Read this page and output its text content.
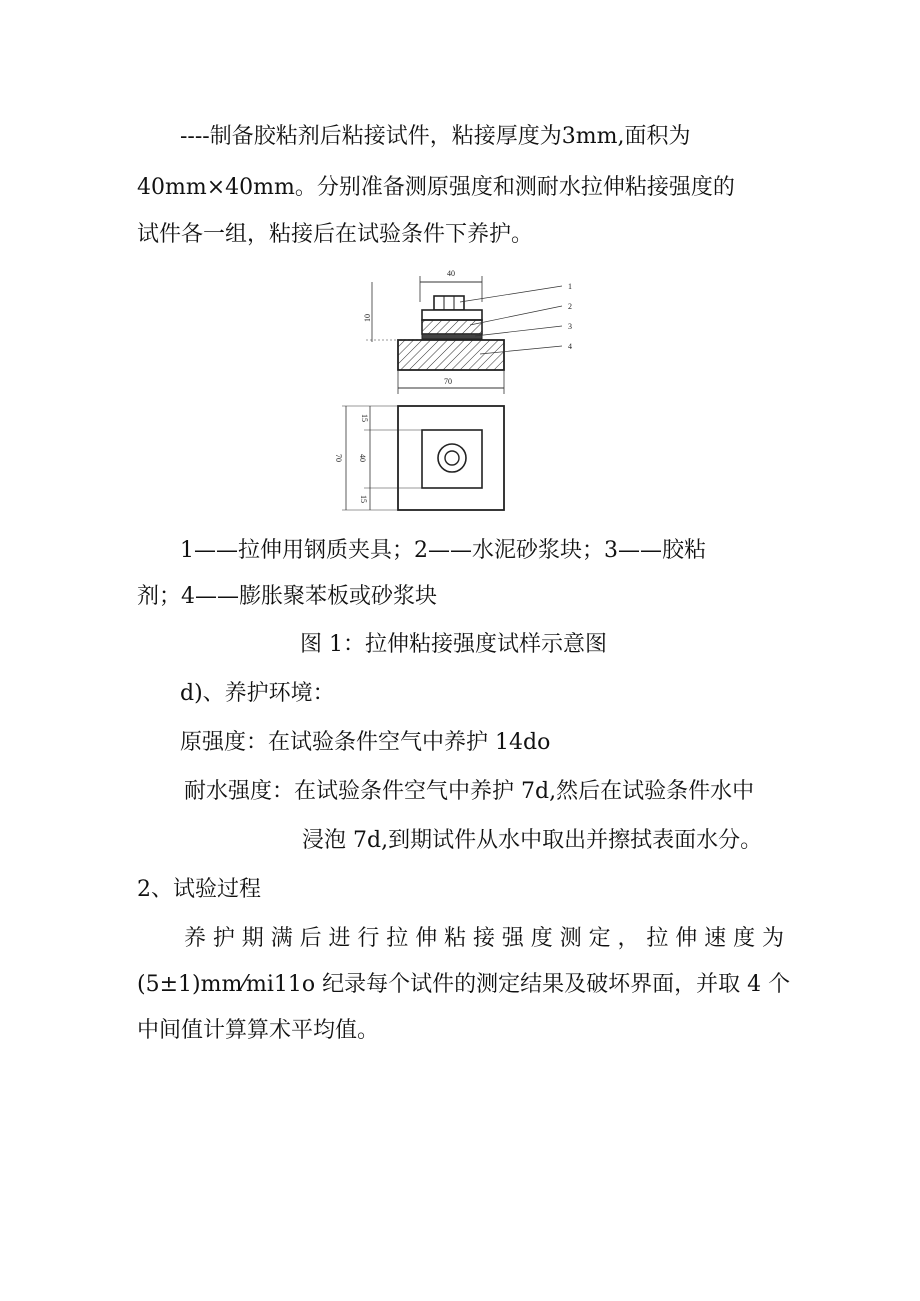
----制备胶粘剂后粘接试件，粘接厚度为3mm,面积为
40mm×40mm。分别准备测原强度和测耐水拉伸粘接强度的
试件各一组，粘接后在试验条件下养护。
40
10
1
2
3
4
70
70
15
40
15
1——拉伸用钢质夹具；2——水泥砂浆块；3——胶粘
剂；4——膨胀聚苯板或砂浆块
图 1：拉伸粘接强度试样示意图
d)、养护环境：
原强度：在试验条件空气中养护 14do
耐水强度：在试验条件空气中养护 7d,然后在试验条件水中
浸泡 7d,到期试件从水中取出并擦拭表面水分。
2、试验过程
养护期满后进行拉伸粘接强度测定，拉伸速度为
(5±1)mm⁄mi11o 纪录每个试件的测定结果及破坏界面，并取 4 个
中间值计算算术平均值。
